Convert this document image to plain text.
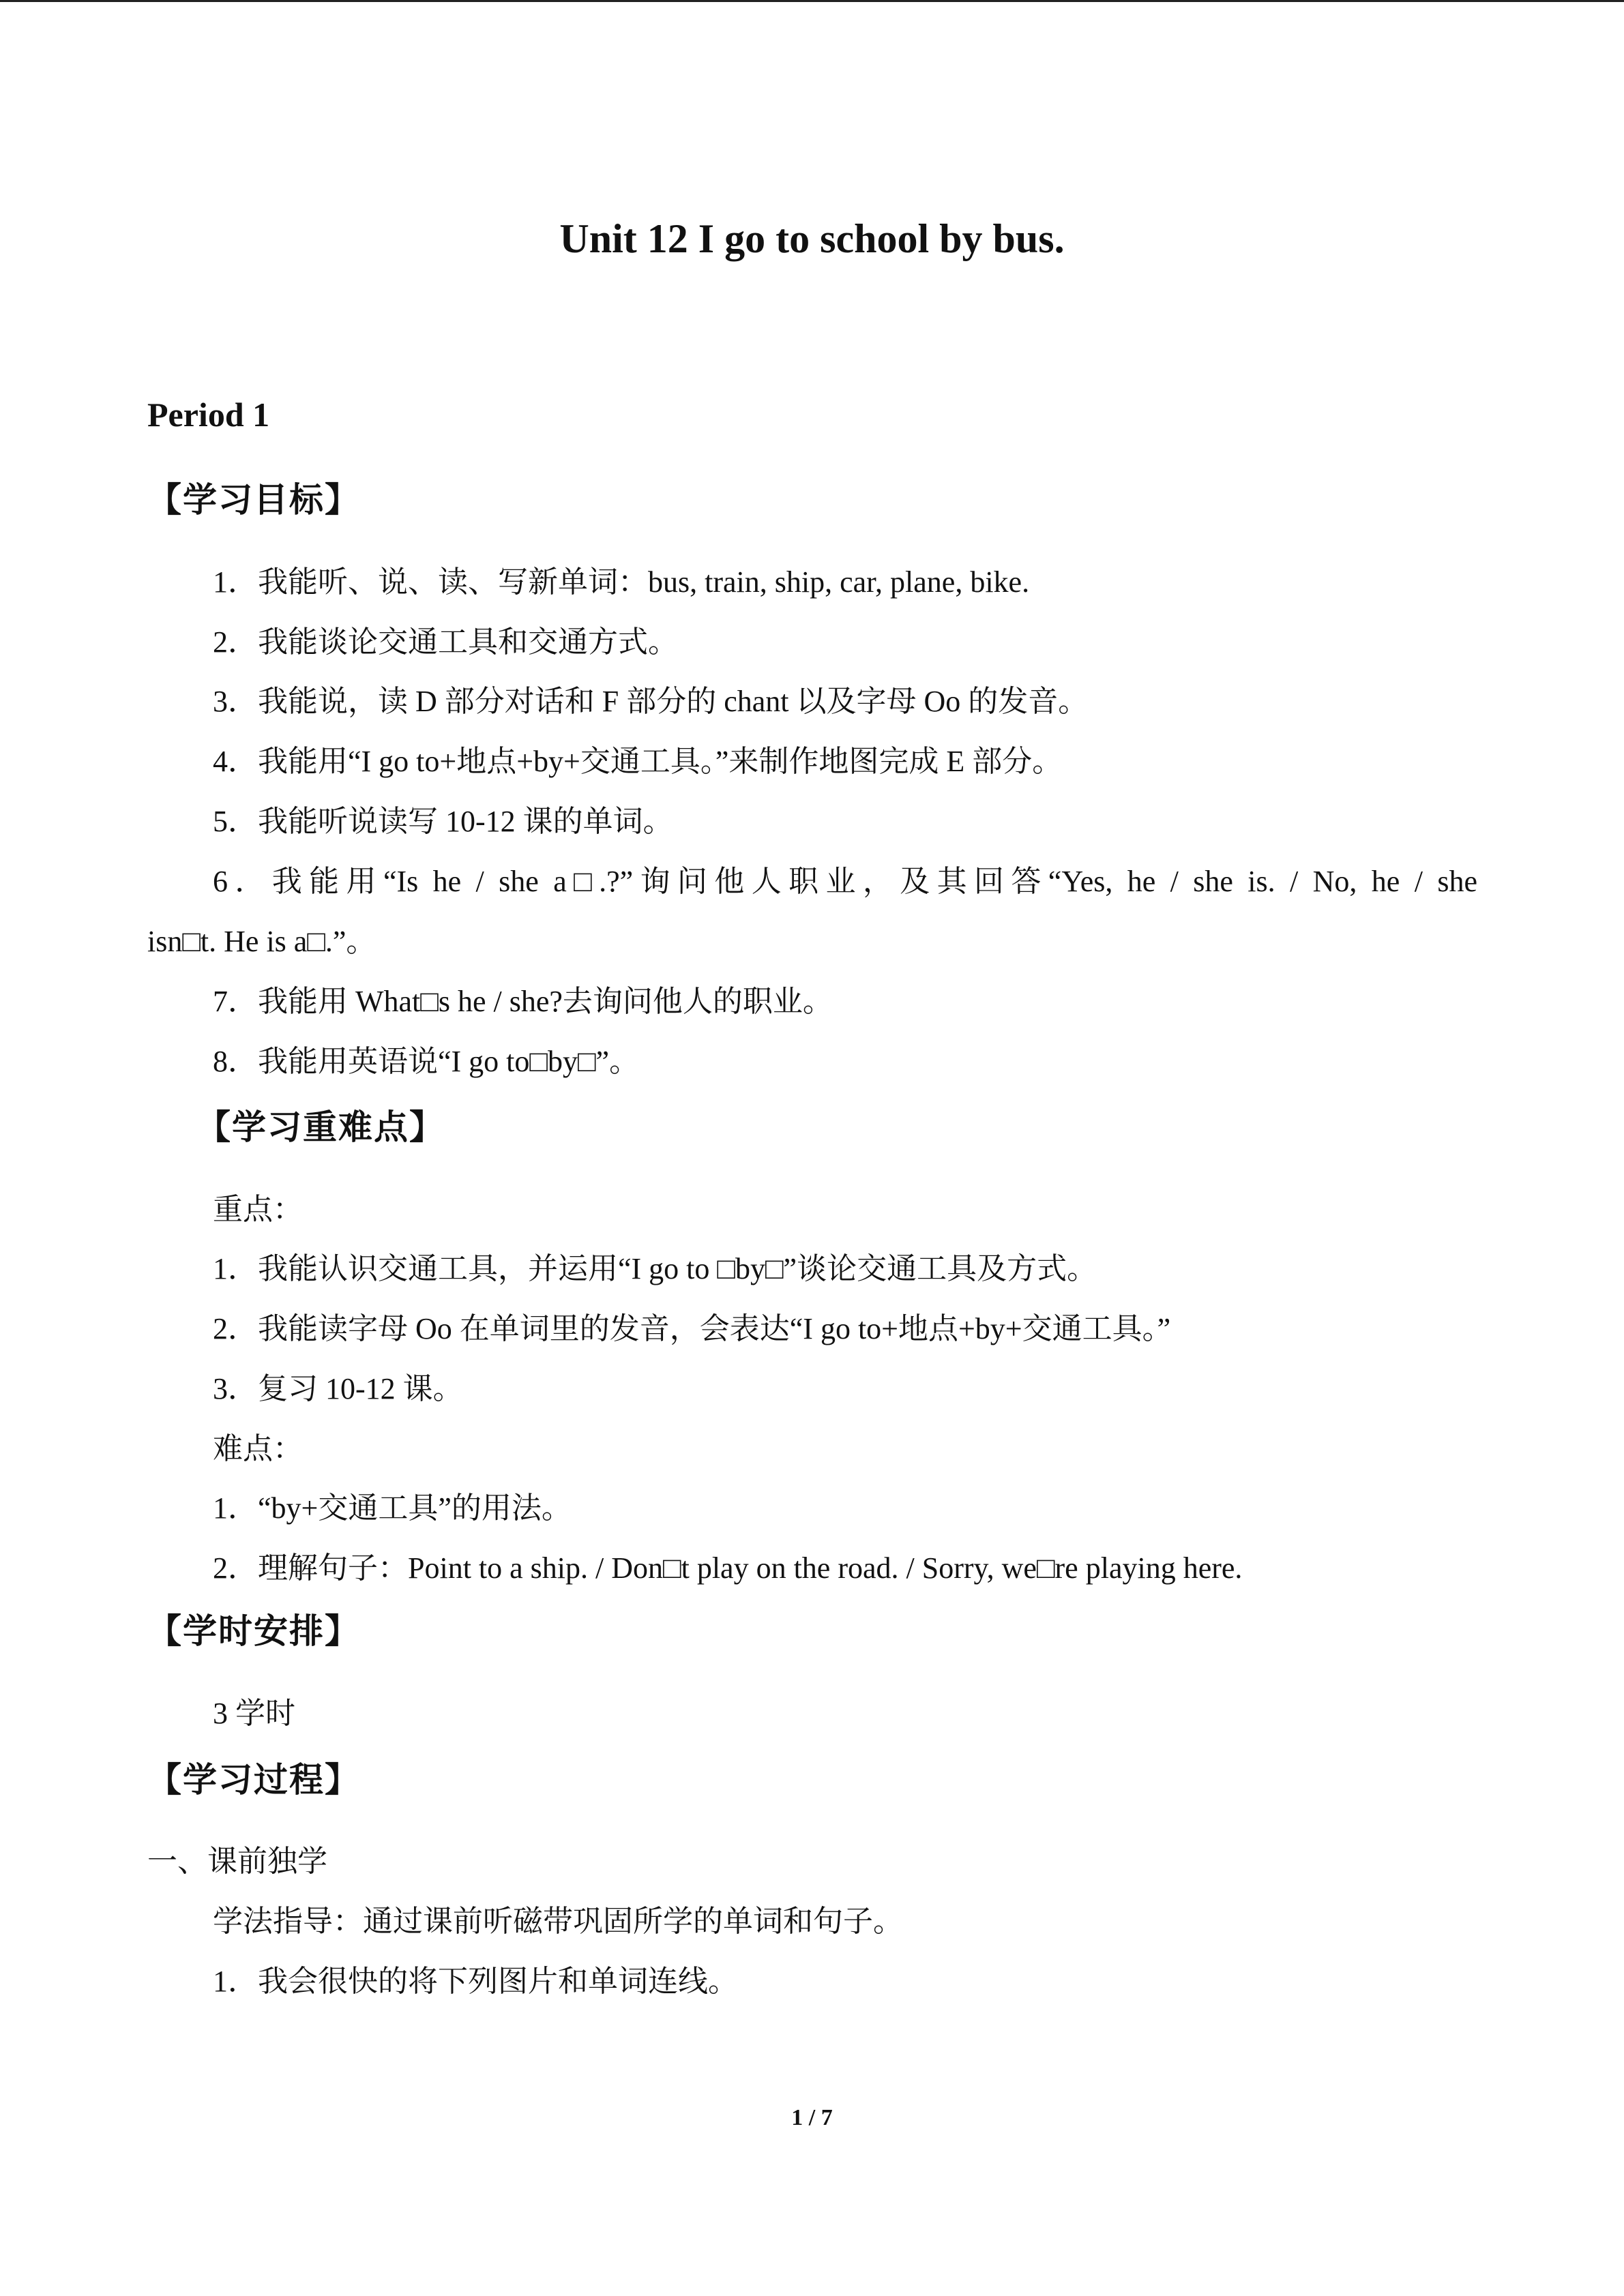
Unit 12 I go to school by bus.
Period 1
【学习目标】
1．我能听、说、读、写新单词：bus, train, ship, car, plane, bike.
2．我能谈论交通工具和交通方式。
3．我能说，读 D 部分对话和 F 部分的 chant 以及字母 Oo 的发音。
4．我能用“I go to+地点+by+交通工具。”来制作地图完成 E 部分。
5．我能听说读写 10-12 课的单词。
6．我能用“Is he / she a□.?”询问他人职业，及其回答“Yes, he / she is. / No, he / she
isn□t. He is a□.”。
7．我能用 What□s he / she?去询问他人的职业。
8．我能用英语说“I go to□by□”。
【学习重难点】
重点：
1．我能认识交通工具，并运用“I go to □by□”谈论交通工具及方式。
2．我能读字母 Oo 在单词里的发音，会表达“I go to+地点+by+交通工具。”
3．复习 10-12 课。
难点：
1．“by+交通工具”的用法。
2．理解句子：Point to a ship. / Don□t play on the road. / Sorry, we□re playing here.
【学时安排】
3 学时
【学习过程】
一、课前独学
学法指导：通过课前听磁带巩固所学的单词和句子。
1．我会很快的将下列图片和单词连线。
1 / 7
